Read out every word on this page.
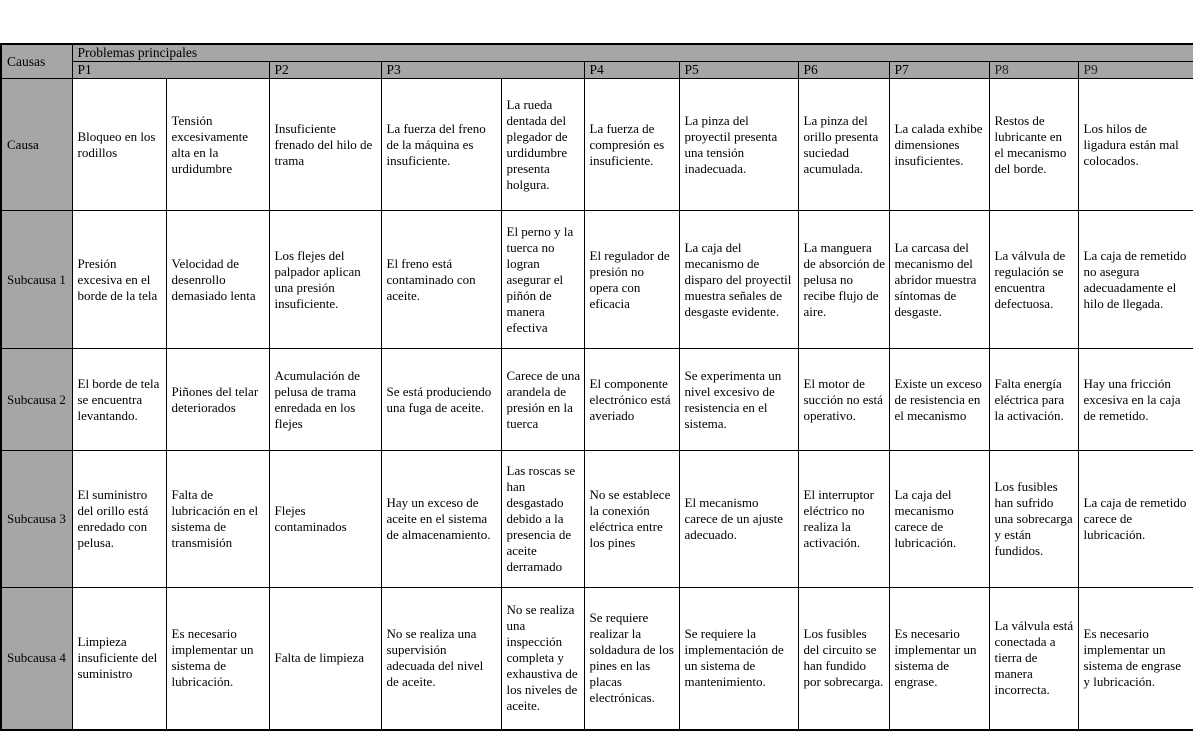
Causas	Problemas principales										
	P1		P2	P3		P4	P5	P6	P7	P8	P9
Causa	Bloqueo en los rodillos	Tensión excesivamente alta en la urdidumbre	Insuficiente frenado del hilo de trama	La fuerza del freno de la máquina es insuficiente.	La rueda dentada del plegador de urdidumbre presenta holgura.	La fuerza de compresión es insuficiente.	La pinza del proyectil presenta una tensión inadecuada.	La pinza del orillo presenta suciedad acumulada.	La calada exhibe dimensiones insuficientes.	Restos de lubricante en el mecanismo del borde.	Los hilos de ligadura están mal colocados.
Subcausa 1	Presión excesiva en el borde de la tela	Velocidad de desenrollo demasiado lenta	Los flejes del palpador aplican una presión insuficiente.	El freno está contaminado con aceite.	El perno y la tuerca no logran asegurar el piñón de manera efectiva	El regulador de presión no opera con eficacia	La caja del mecanismo de disparo del proyectil muestra señales de desgaste evidente.	La manguera de absorción de pelusa no recibe flujo de aire.	La carcasa del mecanismo del abridor muestra síntomas de desgaste.	La válvula de regulación se encuentra defectuosa.	La caja de remetido no asegura adecuadamente el hilo de llegada.
Subcausa 2	El borde de tela se encuentra levantando.	Piñones del telar deteriorados	Acumulación de pelusa de trama enredada en los flejes	Se está produciendo una fuga de aceite.	Carece de una arandela de presión en la tuerca	El componente electrónico está averiado	Se experimenta un nivel excesivo de resistencia en el sistema.	El motor de succión no está operativo.	Existe un exceso de resistencia en el mecanismo	Falta energía eléctrica para la activación.	Hay una fricción excesiva en la caja de remetido.
Subcausa 3	El suministro del orillo está enredado con pelusa.	Falta de lubricación en el sistema de transmisión	Flejes contaminados	Hay un exceso de aceite en el sistema de almacenamiento.	Las roscas se han desgastado debido a la presencia de aceite derramado	No se establece la conexión eléctrica entre los pines	El mecanismo carece de un ajuste adecuado.	El interruptor eléctrico no realiza la activación.	La caja del mecanismo carece de lubricación.	Los fusibles han sufrido una sobrecarga y están fundidos.	La caja de remetido carece de lubricación.
Subcausa 4	Limpieza insuficiente del suministro	Es necesario implementar un sistema de lubricación.	Falta de limpieza	No se realiza una supervisión adecuada del nivel de aceite.	No se realiza una inspección completa y exhaustiva de los niveles de aceite.	Se requiere realizar la soldadura de los pines en las placas electrónicas.	Se requiere la implementación de un sistema de mantenimiento.	Los fusibles del circuito se han fundido por sobrecarga.	Es necesario implementar un sistema de engrase.	La válvula está conectada a tierra de manera incorrecta.	Es necesario implementar un sistema de engrase y lubricación.
